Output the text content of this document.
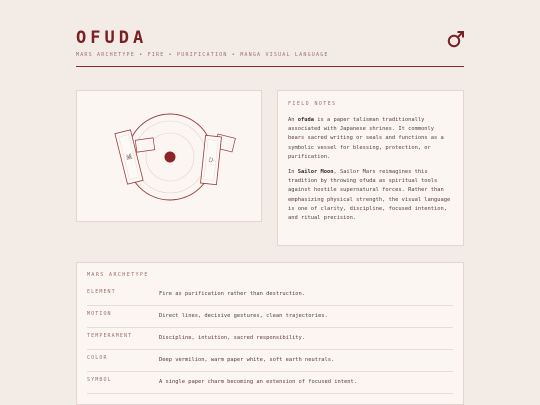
OFUDA
MARS ARCHETYPE • FIRE • PURIFICATION • MANGA VISUAL LANGUAGE
滅	ひ
FIELD NOTES

An ofuda is a paper talisman traditionally associated with Japanese shrines. It commonly bears sacred writing or seals and functions as a symbolic vessel for blessing, protection, or purification.

In Sailor Moon, Sailor Mars reimagines this tradition by throwing ofuda as spiritual tools against hostile supernatural forces. Rather than emphasizing physical strength, the visual language is one of clarity, discipline, focused intention, and ritual precision.

MARS ARCHETYPE
ELEMENT	Fire as purification rather than destruction.
MOTION	Direct lines, decisive gestures, clean trajectories.
TEMPERAMENT	Discipline, intuition, sacred responsibility.
COLOR	Deep vermilion, warm paper white, soft earth neutrals.
SYMBOL	A single paper charm becoming an extension of focused intent.
